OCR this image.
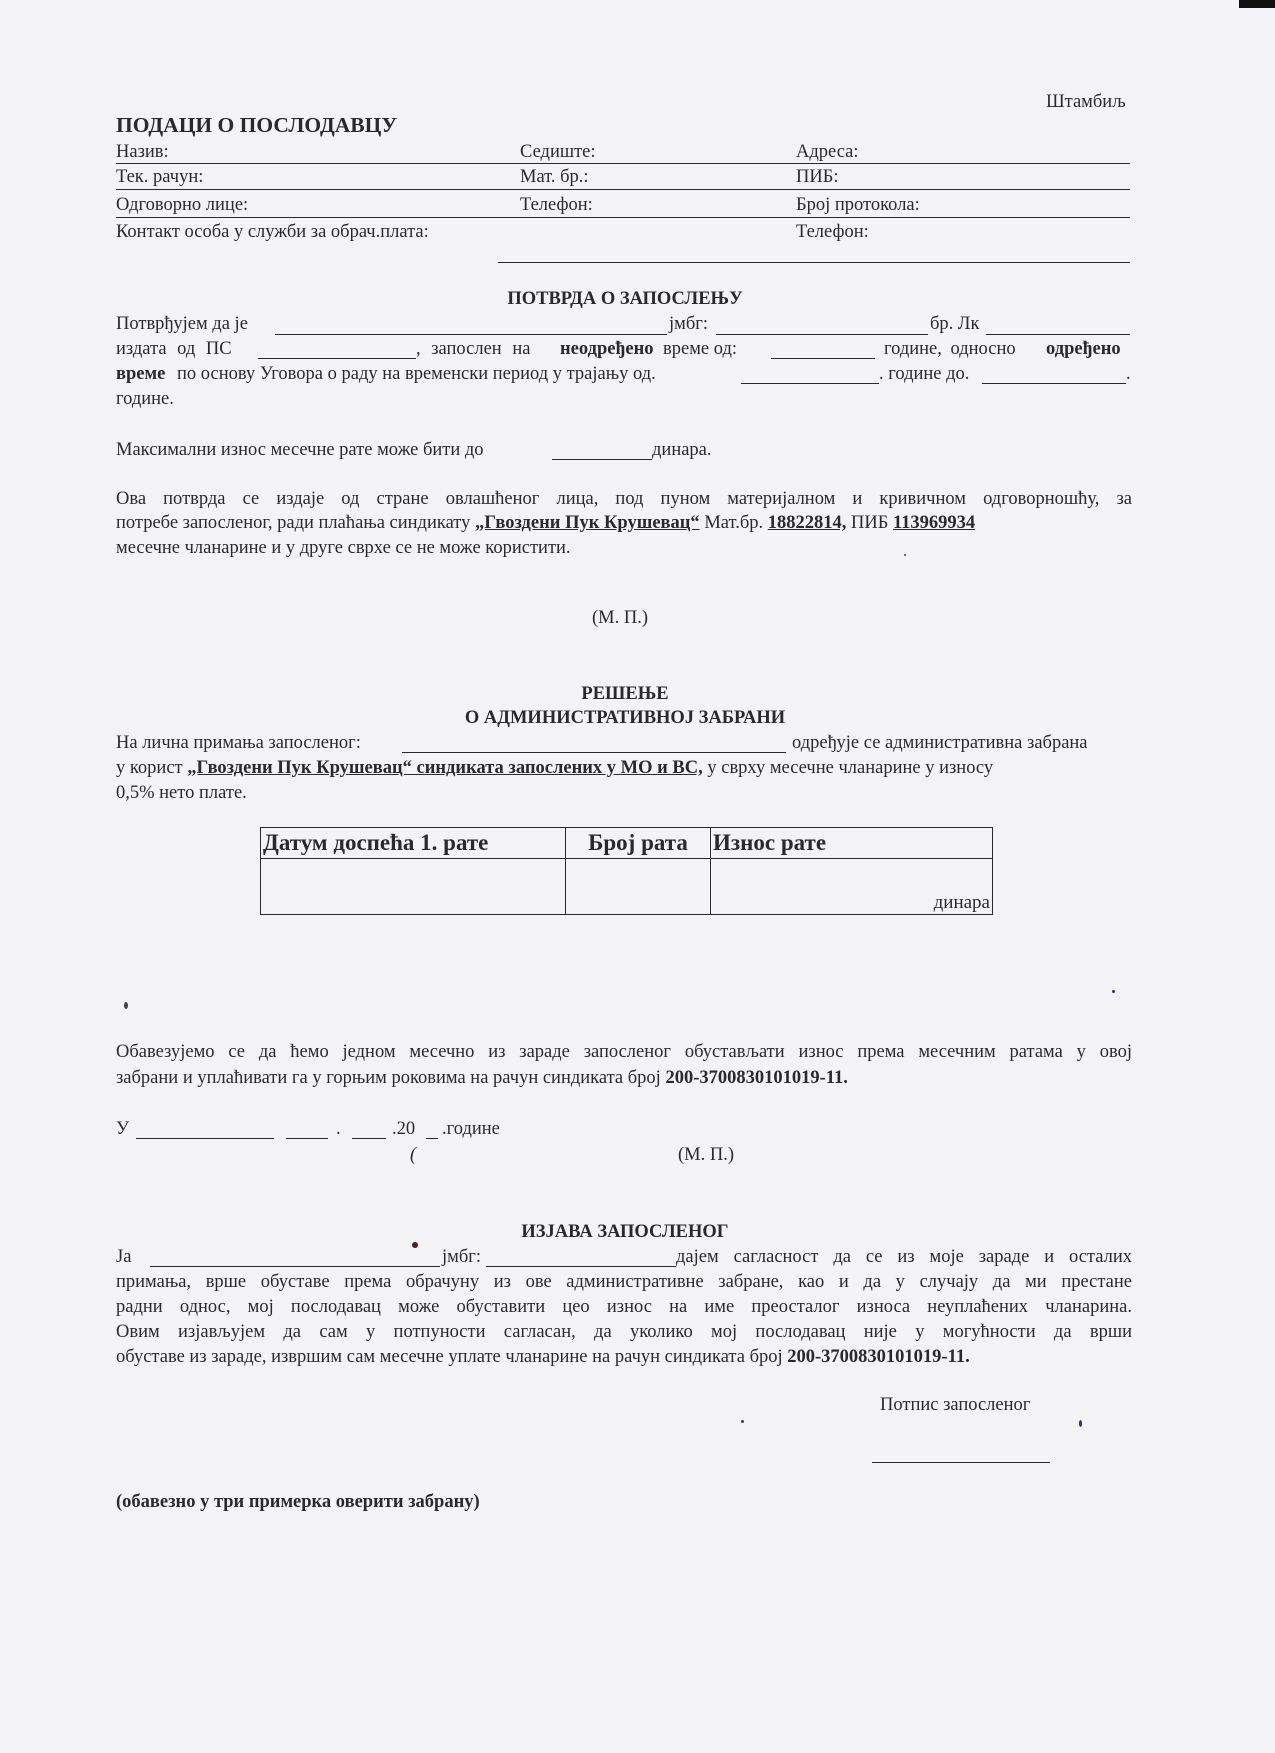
Штамбиљ
ПОДАЦИ О ПОСЛОДАВЦУ
Назив:	Седиште:	Адреса:
Тек. рачун:	Мат. бр.:	ПИБ:
Одговорно лице:	Телефон:	Број протокола:
Контакт особа у служби за обрач.плата:	Телефон:
ПОТВРДА О ЗАПОСЛЕЊУ
Потврђујем да је	јмбг:	бр. Лк
издата од ПС	, запослен на неодређено време од:	године, односно одређено
време по основу Уговора о раду на временски период у трајању од.	. године до.	.
године.
Максимални износ месечне рате може бити до	динара.
Ова потврда се издаје од стране овлашћеног лица, под пуном материјалном и кривичном одговорношћу, за
потребе запосленог, ради плаћања синдикату „Гвоздени Пук Крушевац“ Мат.бр. 18822814, ПИБ 113969934
месечне чланарине и у друге сврхе се не може користити.
(М. П.)
РЕШЕЊЕ
О АДМИНИСТРАТИВНОЈ ЗАБРАНИ
На лична примања запосленог:	одређује се административна забрана
у корист „Гвоздени Пук Крушевац“ синдиката запослених у МО и ВС, у сврху месечне чланарине у износу
0,5% нето плате.
Датум доспећа 1. рате	Број рата	Износ рате
		динара
Обавезујемо се да ћемо једном месечно из зараде запосленог обустављати износ према месечним ратама у овој
забрани и уплаћивати га у горњим роковима на рачун синдиката број 200-3700830101019-11.
У	.	.20 .године
(	(М. П.)
ИЗЈАВА ЗАПОСЛЕНОГ
Ја	јмбг:	дајем сагласност да се из моје зараде и осталих
примања, врше обуставе према обрачуну из ове административне забране, као и да у случају да ми престане
радни однос, мој послодавац може обуставити цео износ на име преосталог износа неуплаћених чланарина.
Овим изјављујем да сам у потпуности сагласан, да уколико мој послодавац није у могућности да врши
обуставе из зараде, извршим сам месечне уплате чланарине на рачун синдиката број 200-3700830101019-11.
Потпис запосленог
(обавезно у три примерка оверити забрану)
